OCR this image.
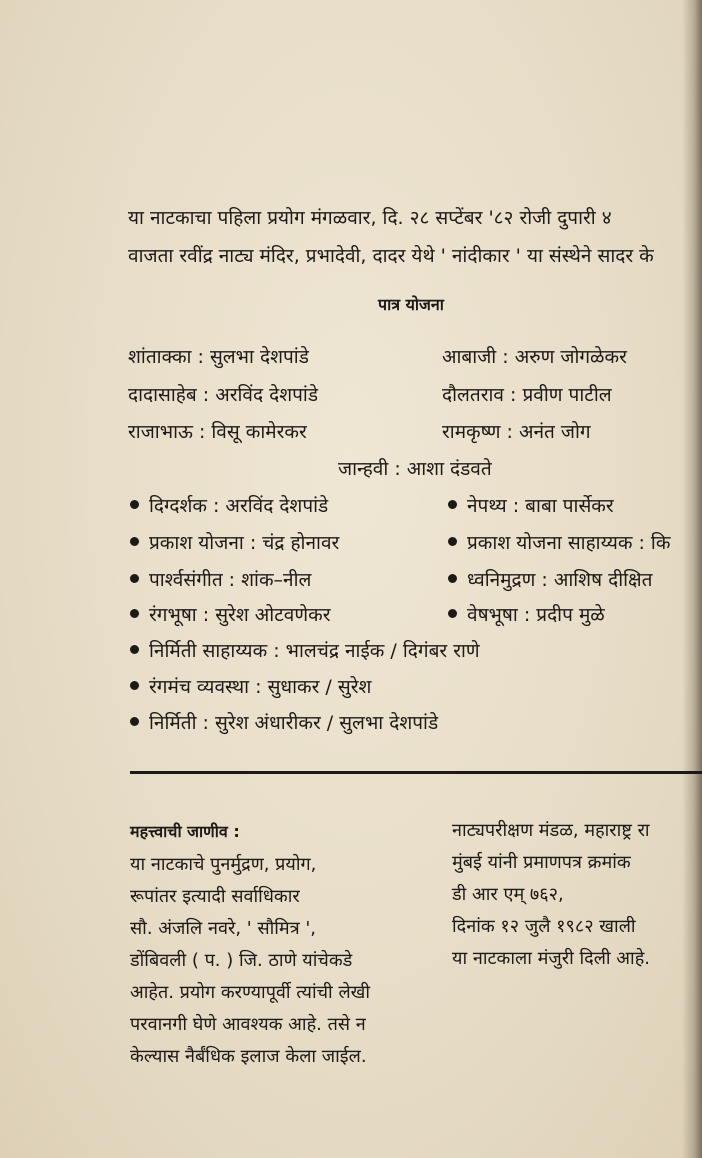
या नाटकाचा पहिला प्रयोग मंगळवार, दि. २८ सप्टेंबर '८२ रोजी दुपारी ४
वाजता रवींद्र नाट्य मंदिर, प्रभादेवी, दादर येथे ' नांदीकार ' या संस्थेने सादर के
पात्र योजना
शांताक्का : सुलभा देशपांडे	आबाजी : अरुण जोगळेकर
दादासाहेब : अरविंद देशपांडे	दौलतराव : प्रवीण पाटील
राजाभाऊ : विसू कामेरकर	रामकृष्ण : अनंत जोग
जान्हवी : आशा दंडवते
दिग्दर्शक : अरविंद देशपांडे	नेपथ्य : बाबा पार्सेकर
प्रकाश योजना : चंद्र होनावर	प्रकाश योजना साहाय्यक : कि
पार्श्वसंगीत : शांक–नील	ध्वनिमुद्रण : आशिष दीक्षित
रंगभूषा : सुरेश ओटवणेकर	वेषभूषा : प्रदीप मुळे
निर्मिती साहाय्यक : भालचंद्र नाईक / दिगंबर राणे
रंगमंच व्यवस्था : सुधाकर / सुरेश
निर्मिती : सुरेश अंधारीकर / सुलभा देशपांडे
महत्त्वाची जाणीव :
या नाटकाचे पुनर्मुद्रण, प्रयोग,
रूपांतर इत्यादी सर्वाधिकार
सौ. अंजलि नवरे, ' सौमित्र ',
डोंबिवली ( प. ) जि. ठाणे यांचेकडे
आहेत. प्रयोग करण्यापूर्वी त्यांची लेखी
परवानगी घेणे आवश्यक आहे. तसे न
केल्यास नैर्बंधिक इलाज केला जाईल.
नाट्यपरीक्षण मंडळ, महाराष्ट्र रा
मुंबई यांनी प्रमाणपत्र क्रमांक
डी आर एम् ७६२,
दिनांक १२ जुलै १९८२ खाली
या नाटकाला मंजुरी दिली आहे.
